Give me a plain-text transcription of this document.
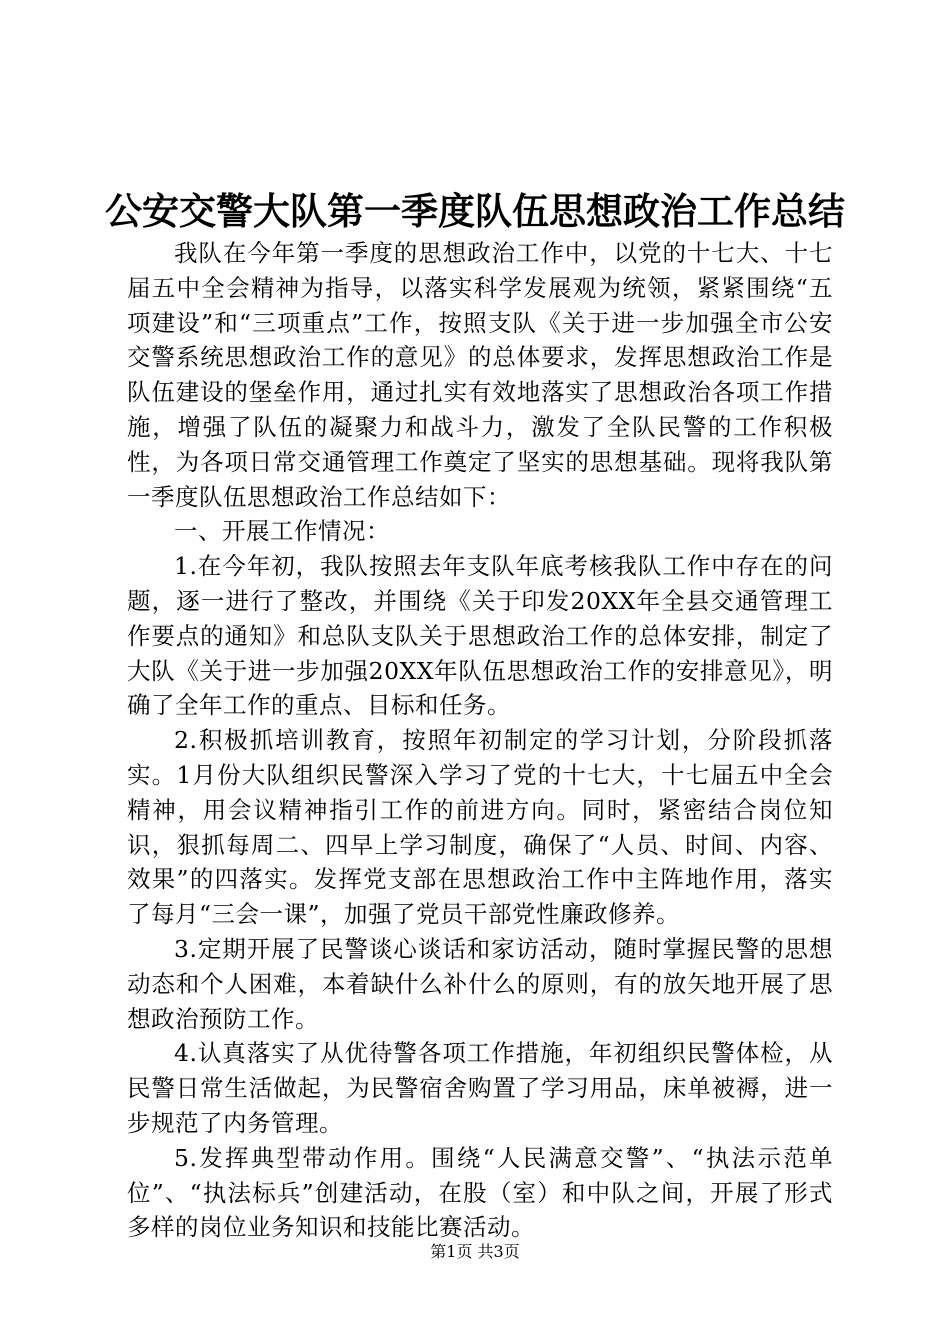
公安交警大队第一季度队伍思想政治工作总结

我队在今年第一季度的思想政治工作中，以党的十七大、十七届五中全会精神为指导，以落实科学发展观为统领，紧紧围绕“五项建设”和“三项重点”工作，按照支队《关于进一步加强全市公安交警系统思想政治工作的意见》的总体要求，发挥思想政治工作是队伍建设的堡垒作用，通过扎实有效地落实了思想政治各项工作措施，增强了队伍的凝聚力和战斗力，激发了全队民警的工作积极性，为各项日常交通管理工作奠定了坚实的思想基础。现将我队第一季度队伍思想政治工作总结如下：

一、开展工作情况：

1.在今年初，我队按照去年支队年底考核我队工作中存在的问题，逐一进行了整改，并围绕《关于印发20XX年全县交通管理工作要点的通知》和总队支队关于思想政治工作的总体安排，制定了大队《关于进一步加强20XX年队伍思想政治工作的安排意见》，明确了全年工作的重点、目标和任务。

2.积极抓培训教育，按照年初制定的学习计划，分阶段抓落实。1月份大队组织民警深入学习了党的十七大，十七届五中全会精神，用会议精神指引工作的前进方向。同时，紧密结合岗位知识，狠抓每周二、四早上学习制度，确保了“人员、时间、内容、效果”的四落实。发挥党支部在思想政治工作中主阵地作用，落实了每月“三会一课”，加强了党员干部党性廉政修养。

3.定期开展了民警谈心谈话和家访活动，随时掌握民警的思想动态和个人困难，本着缺什么补什么的原则，有的放矢地开展了思想政治预防工作。

4.认真落实了从优待警各项工作措施，年初组织民警体检，从民警日常生活做起，为民警宿舍购置了学习用品，床单被褥，进一步规范了内务管理。

5.发挥典型带动作用。围绕“人民满意交警”、“执法示范单位”、“执法标兵”创建活动，在股（室）和中队之间，开展了形式多样的岗位业务知识和技能比赛活动。

第1页 共3页
